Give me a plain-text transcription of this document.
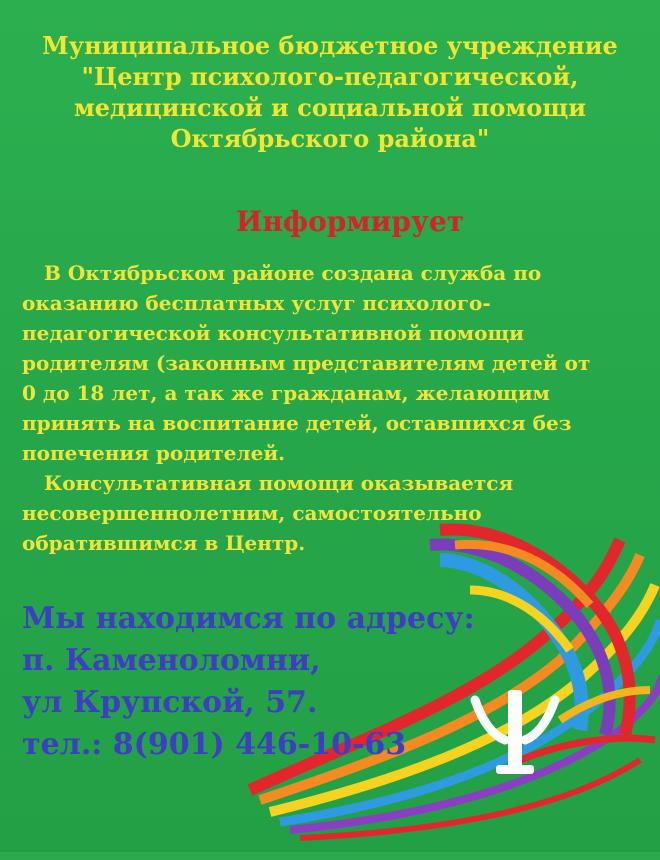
Муниципальное бюджетное учреждение
"Центр психолого-педагогической,
медицинской и социальной помощи
Октябрьского района"
Информирует
В Октябрьском районе создана служба по
оказанию бесплатных услуг психолого-
педагогической консультативной помощи
родителям (законным представителям детей от
0 до 18 лет, а так же гражданам, желающим
принять на воспитание детей, оставшихся без
попечения родителей.
Консультативная помощи оказывается
несовершеннолетним, самостоятельно
обратившимся в Центр.
Мы находимся по адресу:
п. Каменоломни,
ул Крупской, 57.
тел.: 8(901) 446-10-63
